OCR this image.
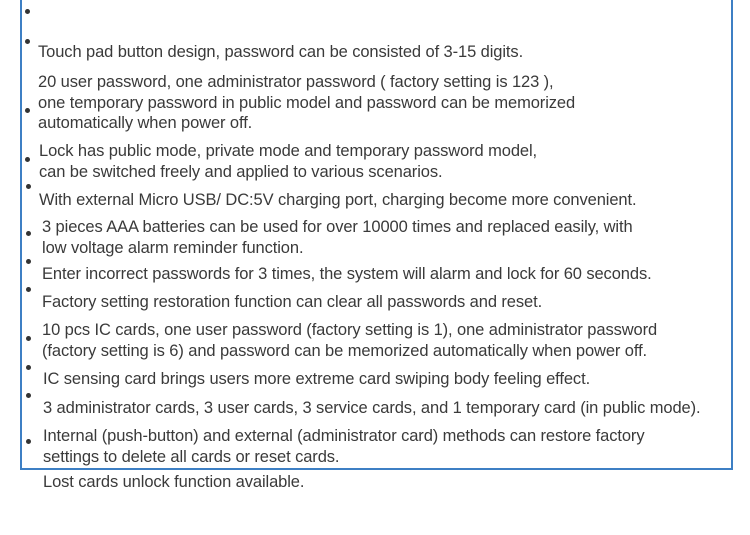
Touch pad button design, password can be consisted of 3-15 digits.

20 user password, one administrator password ( factory setting is 123 ),
one temporary password in public model and password can be memorized
automatically when power off.

Lock has public mode, private mode and temporary password model,
can be switched freely and applied to various scenarios.

With external Micro USB/ DC:5V charging port, charging become more convenient.

3 pieces AAA batteries can be used for over 10000 times and replaced easily, with
low voltage alarm reminder function.

Enter incorrect passwords for 3 times, the system will alarm and lock for 60 seconds.

Factory setting restoration function can clear all passwords and reset.

10 pcs IC cards, one user password (factory setting is 1), one administrator password
(factory setting is 6) and password can be memorized automatically when power off.

IC sensing card brings users more extreme card swiping body feeling effect.

3 administrator cards, 3 user cards, 3 service cards, and 1 temporary card (in public mode).

Internal (push-button) and external (administrator card) methods can restore factory
settings to delete all cards or reset cards.

Lost cards unlock function available.
